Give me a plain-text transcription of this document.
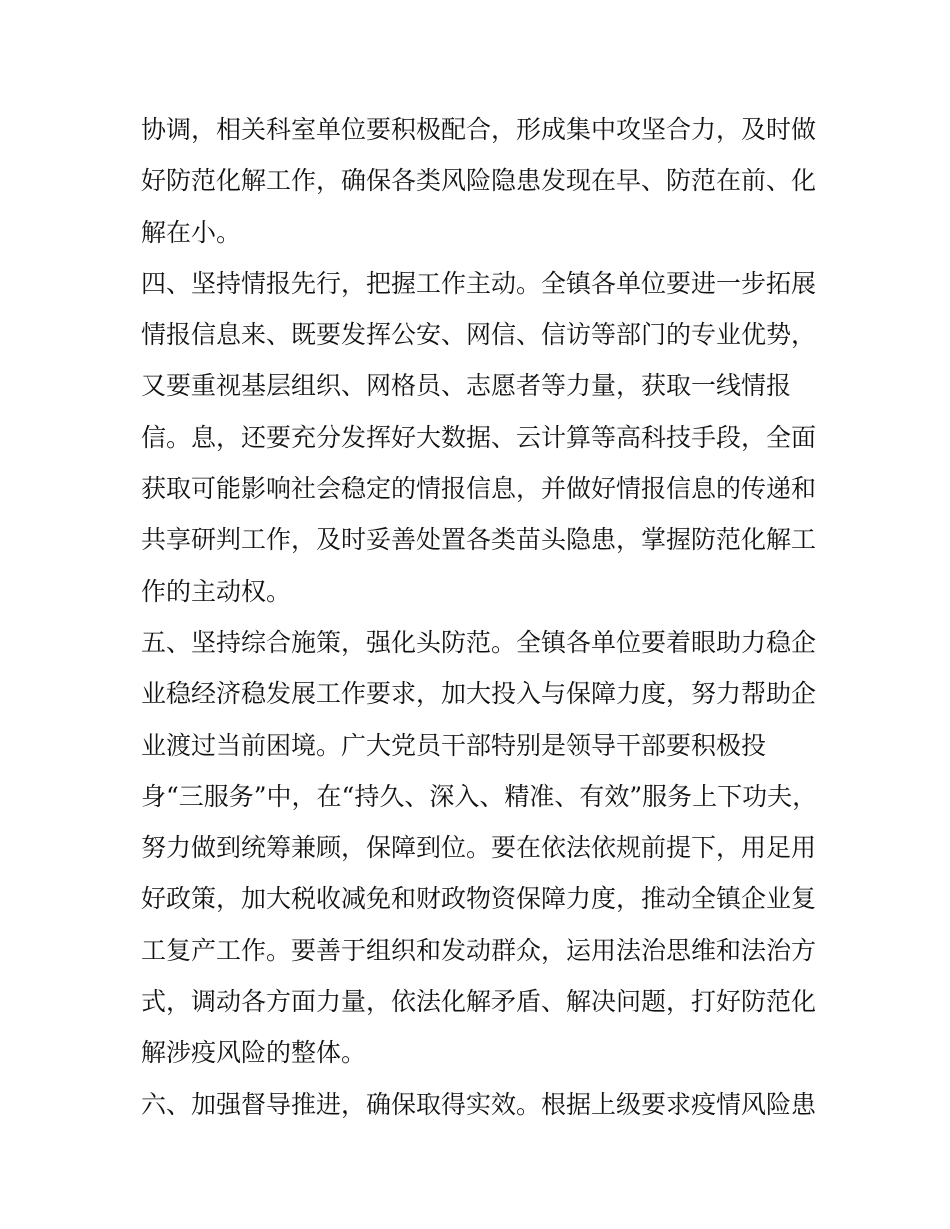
协调，相关科室单位要积极配合，形成集中攻坚合力，及时做
好防范化解工作，确保各类风险隐患发现在早、防范在前、化
解在小。
四、坚持情报先行，把握工作主动。全镇各单位要进一步拓展
情报信息来、既要发挥公安、网信、信访等部门的专业优势，
又要重视基层组织、网格员、志愿者等力量，获取一线情报
信。息，还要充分发挥好大数据、云计算等高科技手段，全面
获取可能影响社会稳定的情报信息，并做好情报信息的传递和
共享研判工作，及时妥善处置各类苗头隐患，掌握防范化解工
作的主动权。
五、坚持综合施策，强化头防范。全镇各单位要着眼助力稳企
业稳经济稳发展工作要求，加大投入与保障力度，努力帮助企
业渡过当前困境。广大党员干部特别是领导干部要积极投
身“三服务”中，在“持久、深入、精准、有效”服务上下功夫，
努力做到统筹兼顾，保障到位。要在依法依规前提下，用足用
好政策，加大税收减免和财政物资保障力度，推动全镇企业复
工复产工作。要善于组织和发动群众，运用法治思维和法治方
式，调动各方面力量，依法化解矛盾、解决问题，打好防范化
解涉疫风险的整体。
六、加强督导推进，确保取得实效。根据上级要求疫情风险患
